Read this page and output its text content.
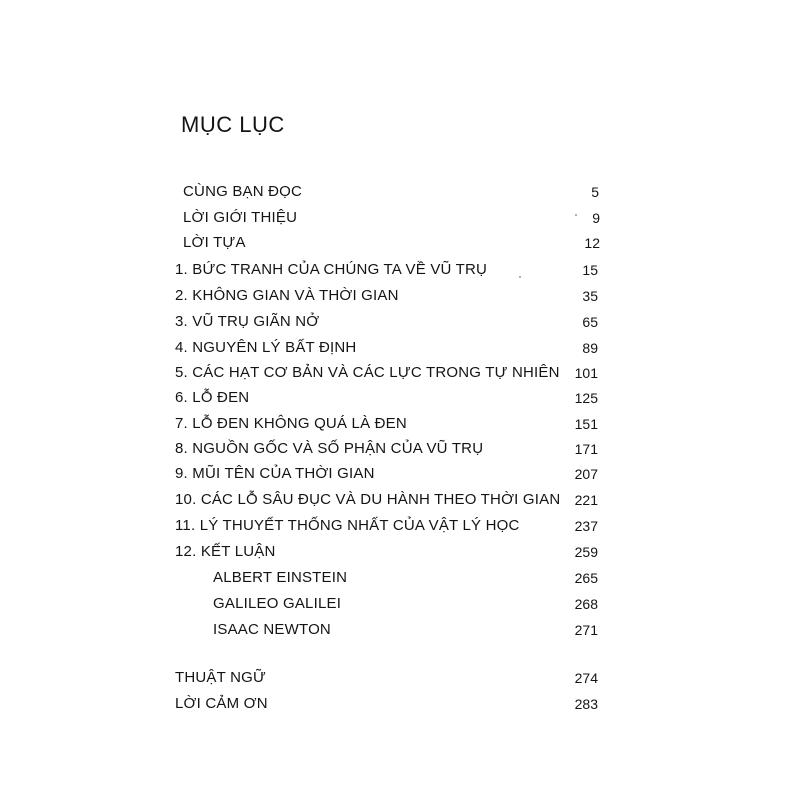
MỤC LỤC
CÙNG BẠN ĐỌC	5
LỜI GIỚI THIỆU	9
LỜI TỰA	12
1. BỨC TRANH CỦA CHÚNG TA VỀ VŨ TRỤ	15
2. KHÔNG GIAN VÀ THỜI GIAN	35
3. VŨ TRỤ GIÃN NỞ	65
4. NGUYÊN LÝ BẤT ĐỊNH	89
5. CÁC HẠT CƠ BẢN VÀ CÁC LỰC TRONG TỰ NHIÊN	101
6. LỖ ĐEN	125
7. LỖ ĐEN KHÔNG QUÁ LÀ ĐEN	151
8. NGUỒN GỐC VÀ SỐ PHẬN CỦA VŨ TRỤ	171
9. MŨI TÊN CỦA THỜI GIAN	207
10. CÁC LỖ SÂU ĐỤC VÀ DU HÀNH THEO THỜI GIAN	221
11. LÝ THUYẾT THỐNG NHẤT CỦA VẬT LÝ HỌC	237
12. KẾT LUẬN	259
ALBERT EINSTEIN	265
GALILEO GALILEI	268
ISAAC NEWTON	271
THUẬT NGỮ	274
LỜI CẢM ƠN	283
